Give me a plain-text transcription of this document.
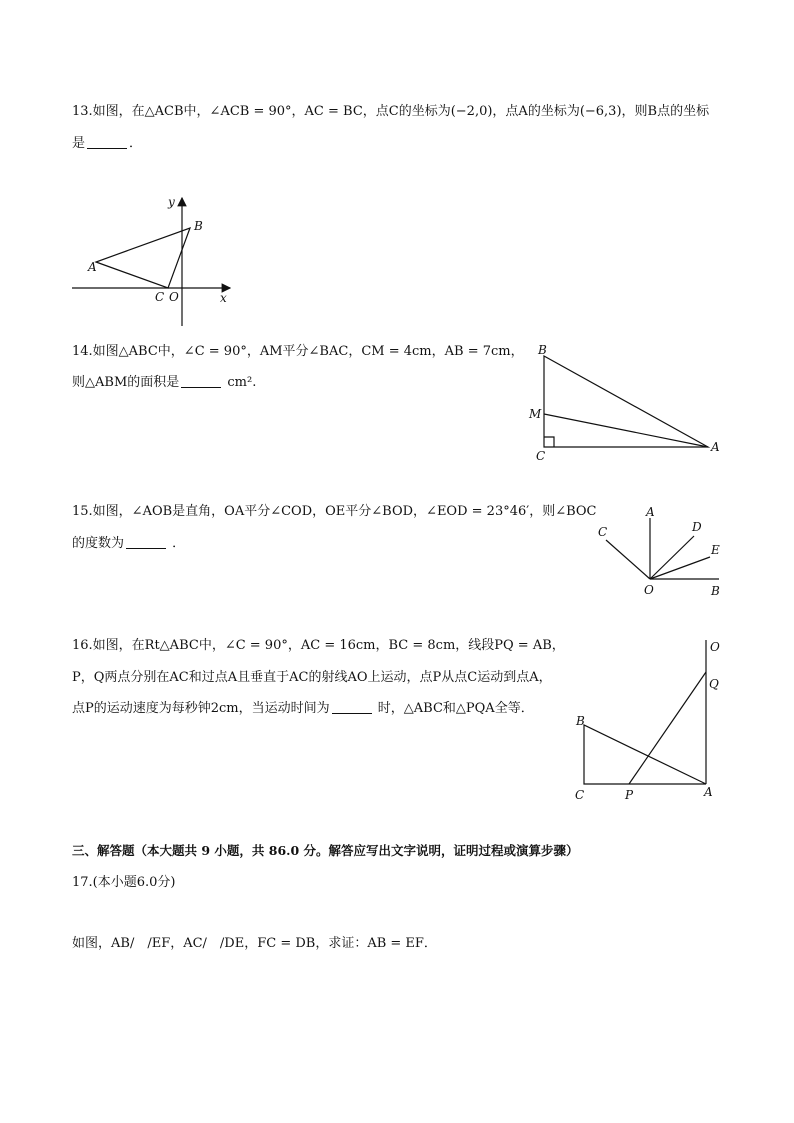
13.如图，在△ACB中，∠ACB = 90°，AC = BC，点C的坐标为(−2,0)，点A的坐标为(−6,3)，则B点的坐标
是	．
y
x
A
B
C O
14.如图△ABC中，∠C = 90°，AM平分∠BAC，CM = 4cm，AB = 7cm，
则△ABM的面积是	cm².
B
M
C
A
15.如图，∠AOB是直角，OA平分∠COD，OE平分∠BOD，∠EOD = 23°46′，则∠BOC
的度数为	．
A
D
C
E
O	B
16.如图，在Rt△ABC中，∠C = 90°，AC = 16cm，BC = 8cm，线段PQ = AB，
P，Q两点分别在AC和过点A且垂直于AC的射线AO上运动，点P从点C运动到点A，
点P的运动速度为每秒钟2cm，当运动时间为	时，△ABC和△PQA全等．
O
Q
B
C	P	A
三、解答题（本大题共 9 小题，共 86.0 分。解答应写出文字说明，证明过程或演算步骤）
17.(本小题6.0分)
如图，AB/　/EF，AC/　/DE，FC = DB，求证：AB = EF．
